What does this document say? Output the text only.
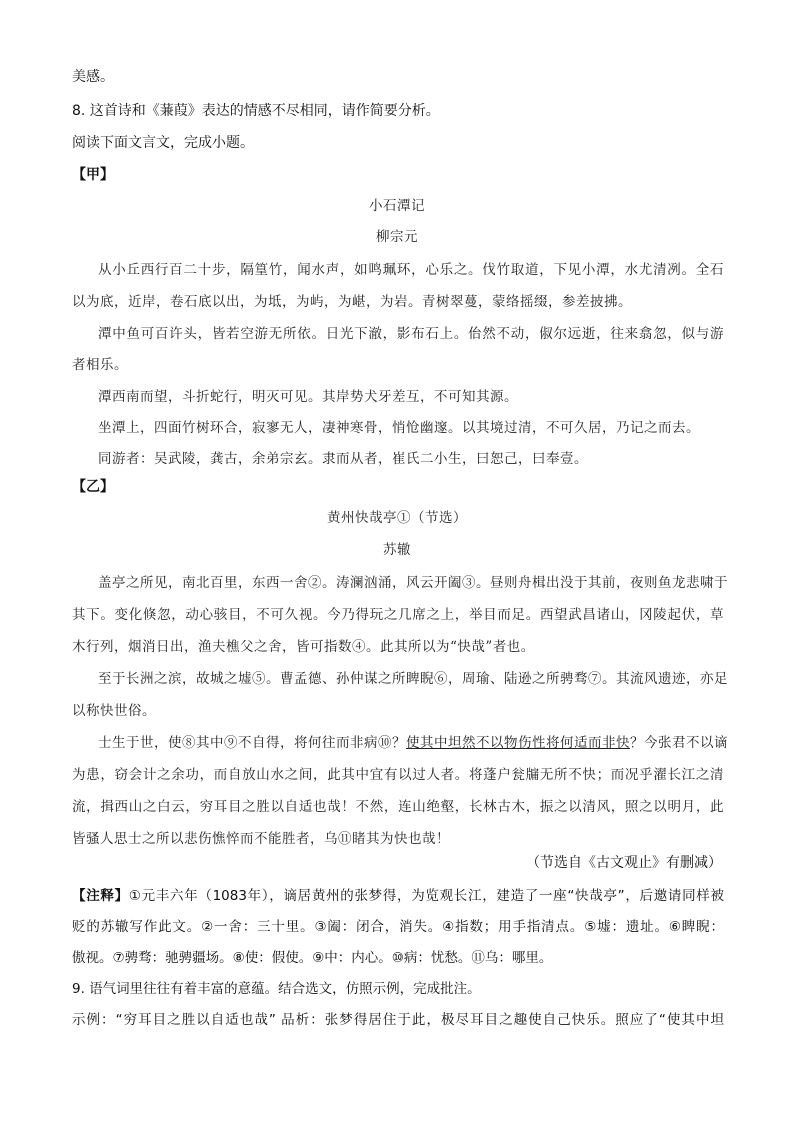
美感。
8. 这首诗和《蒹葭》表达的情感不尽相同，请作简要分析。
阅读下面文言文，完成小题。
【甲】
小石潭记
柳宗元
从小丘西行百二十步，隔篁竹，闻水声，如鸣珮环，心乐之。伐竹取道，下见小潭，水尤清冽。全石
以为底，近岸，卷石底以出，为坻，为屿，为嵁，为岩。青树翠蔓，蒙络摇缀，参差披拂。
潭中鱼可百许头，皆若空游无所依。日光下澈，影布石上。佁然不动，俶尔远逝，往来翕忽，似与游
者相乐。
潭西南而望，斗折蛇行，明灭可见。其岸势犬牙差互，不可知其源。
坐潭上，四面竹树环合，寂寥无人，凄神寒骨，悄怆幽邃。以其境过清，不可久居，乃记之而去。
同游者：吴武陵，龚古，余弟宗玄。隶而从者，崔氏二小生，曰恕己，曰奉壹。
【乙】
黄州快哉亭①（节选）
苏辙
盖亭之所见，南北百里，东西一舍②。涛澜汹涌，风云开阖③。昼则舟楫出没于其前，夜则鱼龙悲啸于
其下。变化倏忽，动心骇目，不可久视。今乃得玩之几席之上，举目而足。西望武昌诸山，冈陵起伏，草
木行列，烟消日出，渔夫樵父之舍，皆可指数④。此其所以为“快哉”者也。
至于长洲之滨，故城之墟⑤。曹孟德、孙仲谋之所睥睨⑥，周瑜、陆逊之所骋骛⑦。其流风遗迹，亦足
以称快世俗。
士生于世，使⑧其中⑨不自得，将何往而非病⑩？使其中坦然不以物伤性将何适而非快？今张君不以谪
为患，窃会计之余功，而自放山水之间，此其中宜有以过人者。将蓬户瓮牖无所不快；而况乎濯长江之清
流，揖西山之白云，穷耳目之胜以自适也哉！不然，连山绝壑，长林古木，振之以清风，照之以明月，此
皆骚人思士之所以悲伤憔悴而不能胜者，乌⑪睹其为快也哉！
（节选自《古文观止》有删减）
【注释】①元丰六年（1083年），谪居黄州的张梦得，为览观长江，建造了一座“快哉亭”，后邀请同样被
贬的苏辙写作此文。②一舍：三十里。③阖：闭合，消失。④指数；用手指清点。⑤墟：遗址。⑥睥睨：
傲视。⑦骋骛：驰骋疆场。⑧使：假使。⑨中：内心。⑩病：忧愁。⑪乌：哪里。
9. 语气词里往往有着丰富的意蕴。结合选文，仿照示例，完成批注。
示例：“穷耳目之胜以自适也哉” 品析：张梦得居住于此，极尽耳目之趣使自己快乐。照应了“使其中坦
